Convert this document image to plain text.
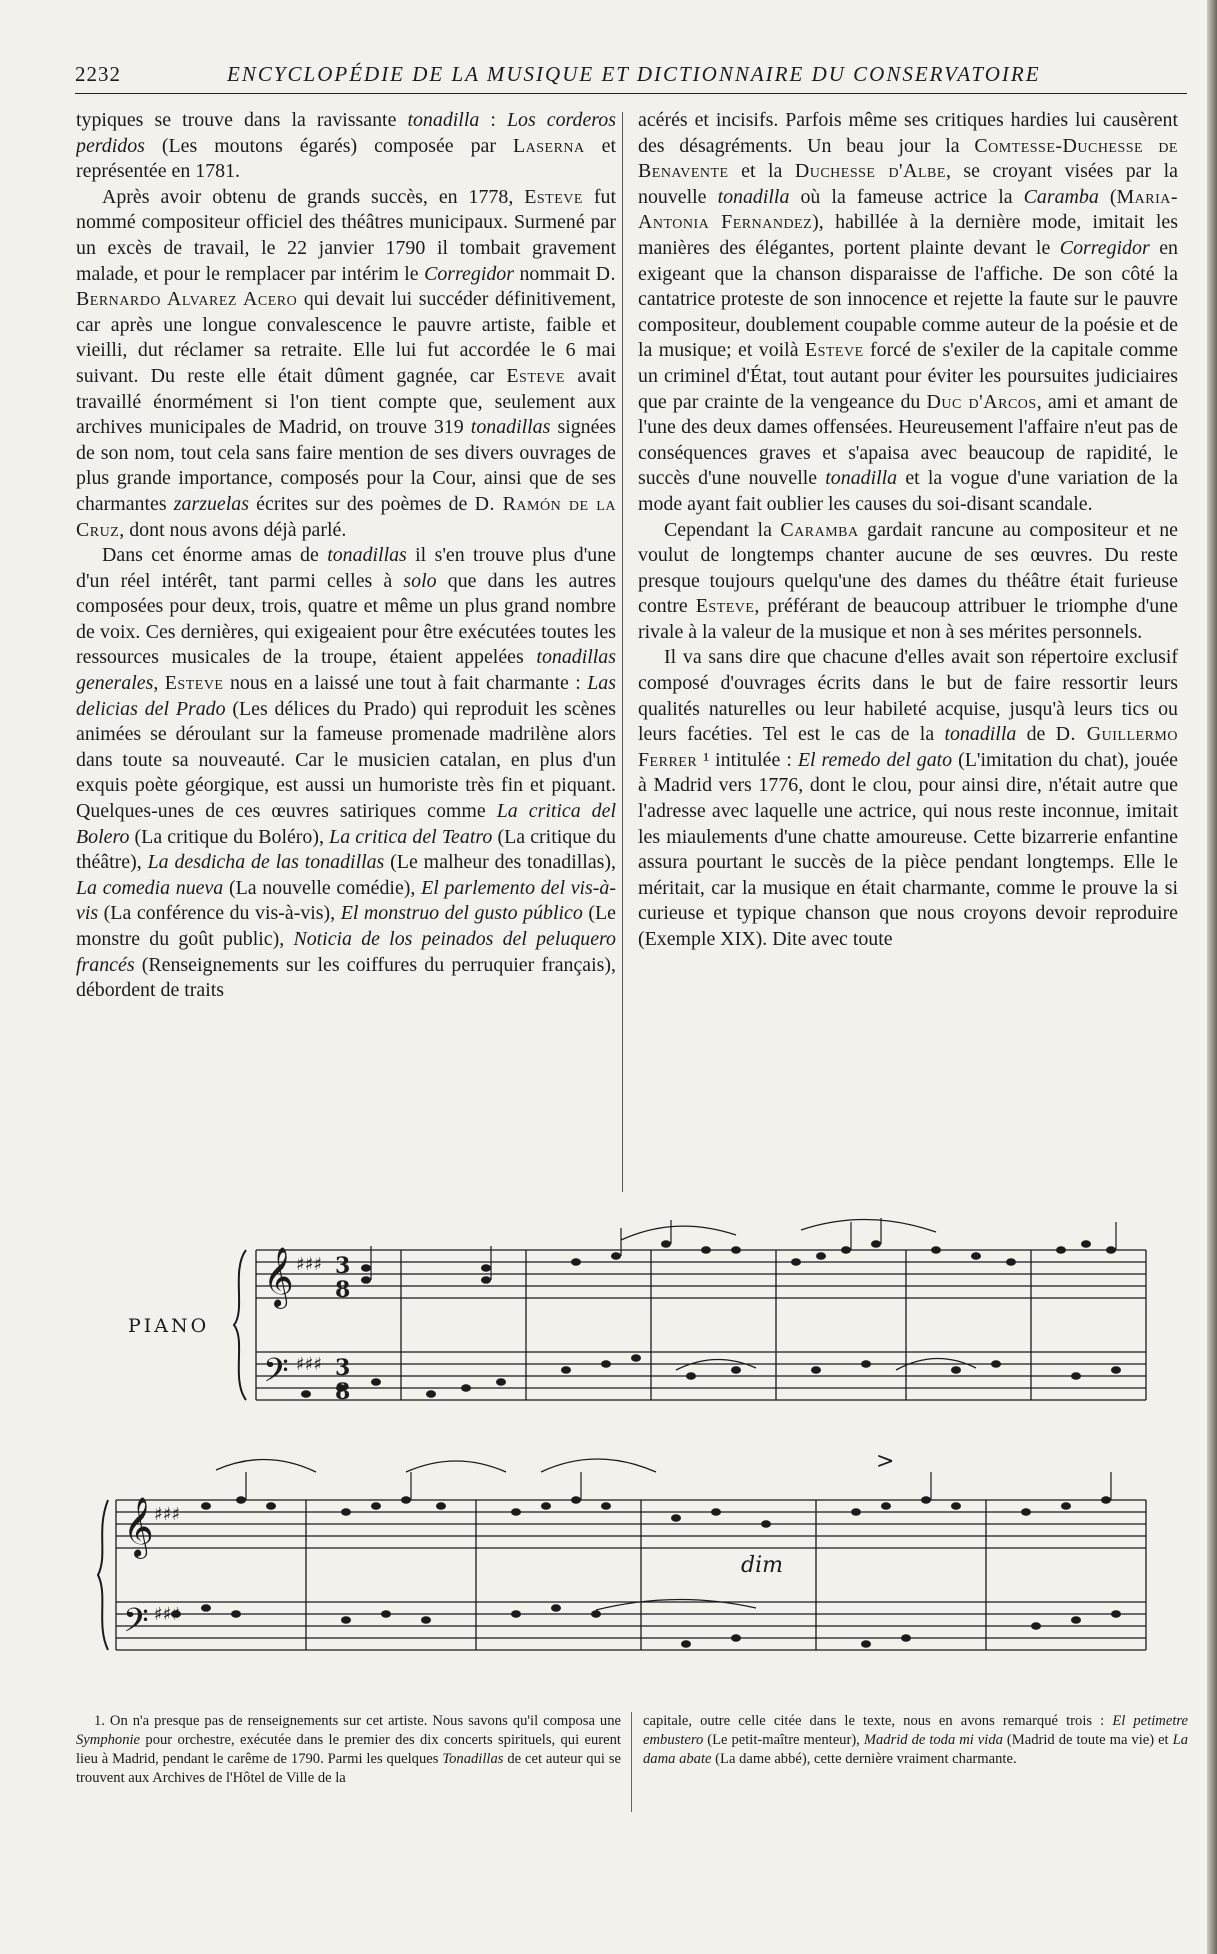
2232	ENCYCLOPÉDIE DE LA MUSIQUE ET DICTIONNAIRE DU CONSERVATOIRE

typiques se trouve dans la ravissante tonadilla : Los corderos perdidos (Les moutons égarés) composée par Laserna et représentée en 1781.

Après avoir obtenu de grands succès, en 1778, Esteve fut nommé compositeur officiel des théâtres municipaux. Surmené par un excès de travail, le 22 janvier 1790 il tombait gravement malade, et pour le remplacer par intérim le Corregidor nommait D. Bernardo Alvarez Acero qui devait lui succéder définitivement, car après une longue convalescence le pauvre artiste, faible et vieilli, dut réclamer sa retraite. Elle lui fut accordée le 6 mai suivant. Du reste elle était dûment gagnée, car Esteve avait travaillé énormément si l'on tient compte que, seulement aux archives municipales de Madrid, on trouve 319 tonadillas signées de son nom, tout cela sans faire mention de ses divers ouvrages de plus grande importance, composés pour la Cour, ainsi que de ses charmantes zarzuelas écrites sur des poèmes de D. Ramón de la Cruz, dont nous avons déjà parlé.

Dans cet énorme amas de tonadillas il s'en trouve plus d'une d'un réel intérêt, tant parmi celles à solo que dans les autres composées pour deux, trois, quatre et même un plus grand nombre de voix. Ces dernières, qui exigeaient pour être exécutées toutes les ressources musicales de la troupe, étaient appelées tonadillas generales, Esteve nous en a laissé une tout à fait charmante : Las delicias del Prado (Les délices du Prado) qui reproduit les scènes animées se déroulant sur la fameuse promenade madrilène alors dans toute sa nouveauté. Car le musicien catalan, en plus d'un exquis poète géorgique, est aussi un humoriste très fin et piquant. Quelques-unes de ces œuvres satiriques comme La critica del Bolero (La critique du Boléro), La critica del Teatro (La critique du théâtre), La desdicha de las tonadillas (Le malheur des tonadillas), La comedia nueva (La nouvelle comédie), El parlemento del vis-à-vis (La conférence du vis-à-vis), El monstruo del gusto público (Le monstre du goût public), Noticia de los peinados del peluquero francés (Renseignements sur les coiffures du perruquier français), débordent de traits

acérés et incisifs. Parfois même ses critiques hardies lui causèrent des désagréments. Un beau jour la Comtesse-Duchesse de Benavente et la Duchesse d'Albe, se croyant visées par la nouvelle tonadilla où la fameuse actrice la Caramba (Maria-Antonia Fernandez), habillée à la dernière mode, imitait les manières des élégantes, portent plainte devant le Corregidor en exigeant que la chanson disparaisse de l'affiche. De son côté la cantatrice proteste de son innocence et rejette la faute sur le pauvre compositeur, doublement coupable comme auteur de la poésie et de la musique; et voilà Esteve forcé de s'exiler de la capitale comme un criminel d'État, tout autant pour éviter les poursuites judiciaires que par crainte de la vengeance du Duc d'Arcos, ami et amant de l'une des deux dames offensées. Heureusement l'affaire n'eut pas de conséquences graves et s'apaisa avec beaucoup de rapidité, le succès d'une nouvelle tonadilla et la vogue d'une variation de la mode ayant fait oublier les causes du soi-disant scandale.

Cependant la Caramba gardait rancune au compositeur et ne voulut de longtemps chanter aucune de ses œuvres. Du reste presque toujours quelqu'une des dames du théâtre était furieuse contre Esteve, préférant de beaucoup attribuer le triomphe d'une rivale à la valeur de la musique et non à ses mérites personnels.

Il va sans dire que chacune d'elles avait son répertoire exclusif composé d'ouvrages écrits dans le but de faire ressortir leurs qualités naturelles ou leur habileté acquise, jusqu'à leurs tics ou leurs facéties. Tel est le cas de la tonadilla de D. Guillermo Ferrer ¹ intitulée : El remedo del gato (L'imitation du chat), jouée à Madrid vers 1776, dont le clou, pour ainsi dire, n'était autre que l'adresse avec laquelle une actrice, qui nous reste inconnue, imitait les miaulements d'une chatte amoureuse. Cette bizarrerie enfantine assura pourtant le succès de la pièce pendant longtemps. Elle le méritait, car la musique en était charmante, comme le prouve la si curieuse et typique chanson que nous croyons devoir reproduire (Exemple XIX). Dite avec toute

𝄞
𝄢
♯♯♯
♯♯♯
𝄞
𝄢
♯♯♯
♯♯♯
3
8
3
8
PIANO
dim
>
1. On n'a presque pas de renseignements sur cet artiste. Nous savons qu'il composa une Symphonie pour orchestre, exécutée dans le premier des dix concerts spirituels, qui eurent lieu à Madrid, pendant le carême de 1790. Parmi les quelques Tonadillas de cet auteur qui se trouvent aux Archives de l'Hôtel de Ville de la
capitale, outre celle citée dans le texte, nous en avons remarqué trois : El petimetre embustero (Le petit-maître menteur), Madrid de toda mi vida (Madrid de toute ma vie) et La dama abate (La dame abbé), cette dernière vraiment charmante.
